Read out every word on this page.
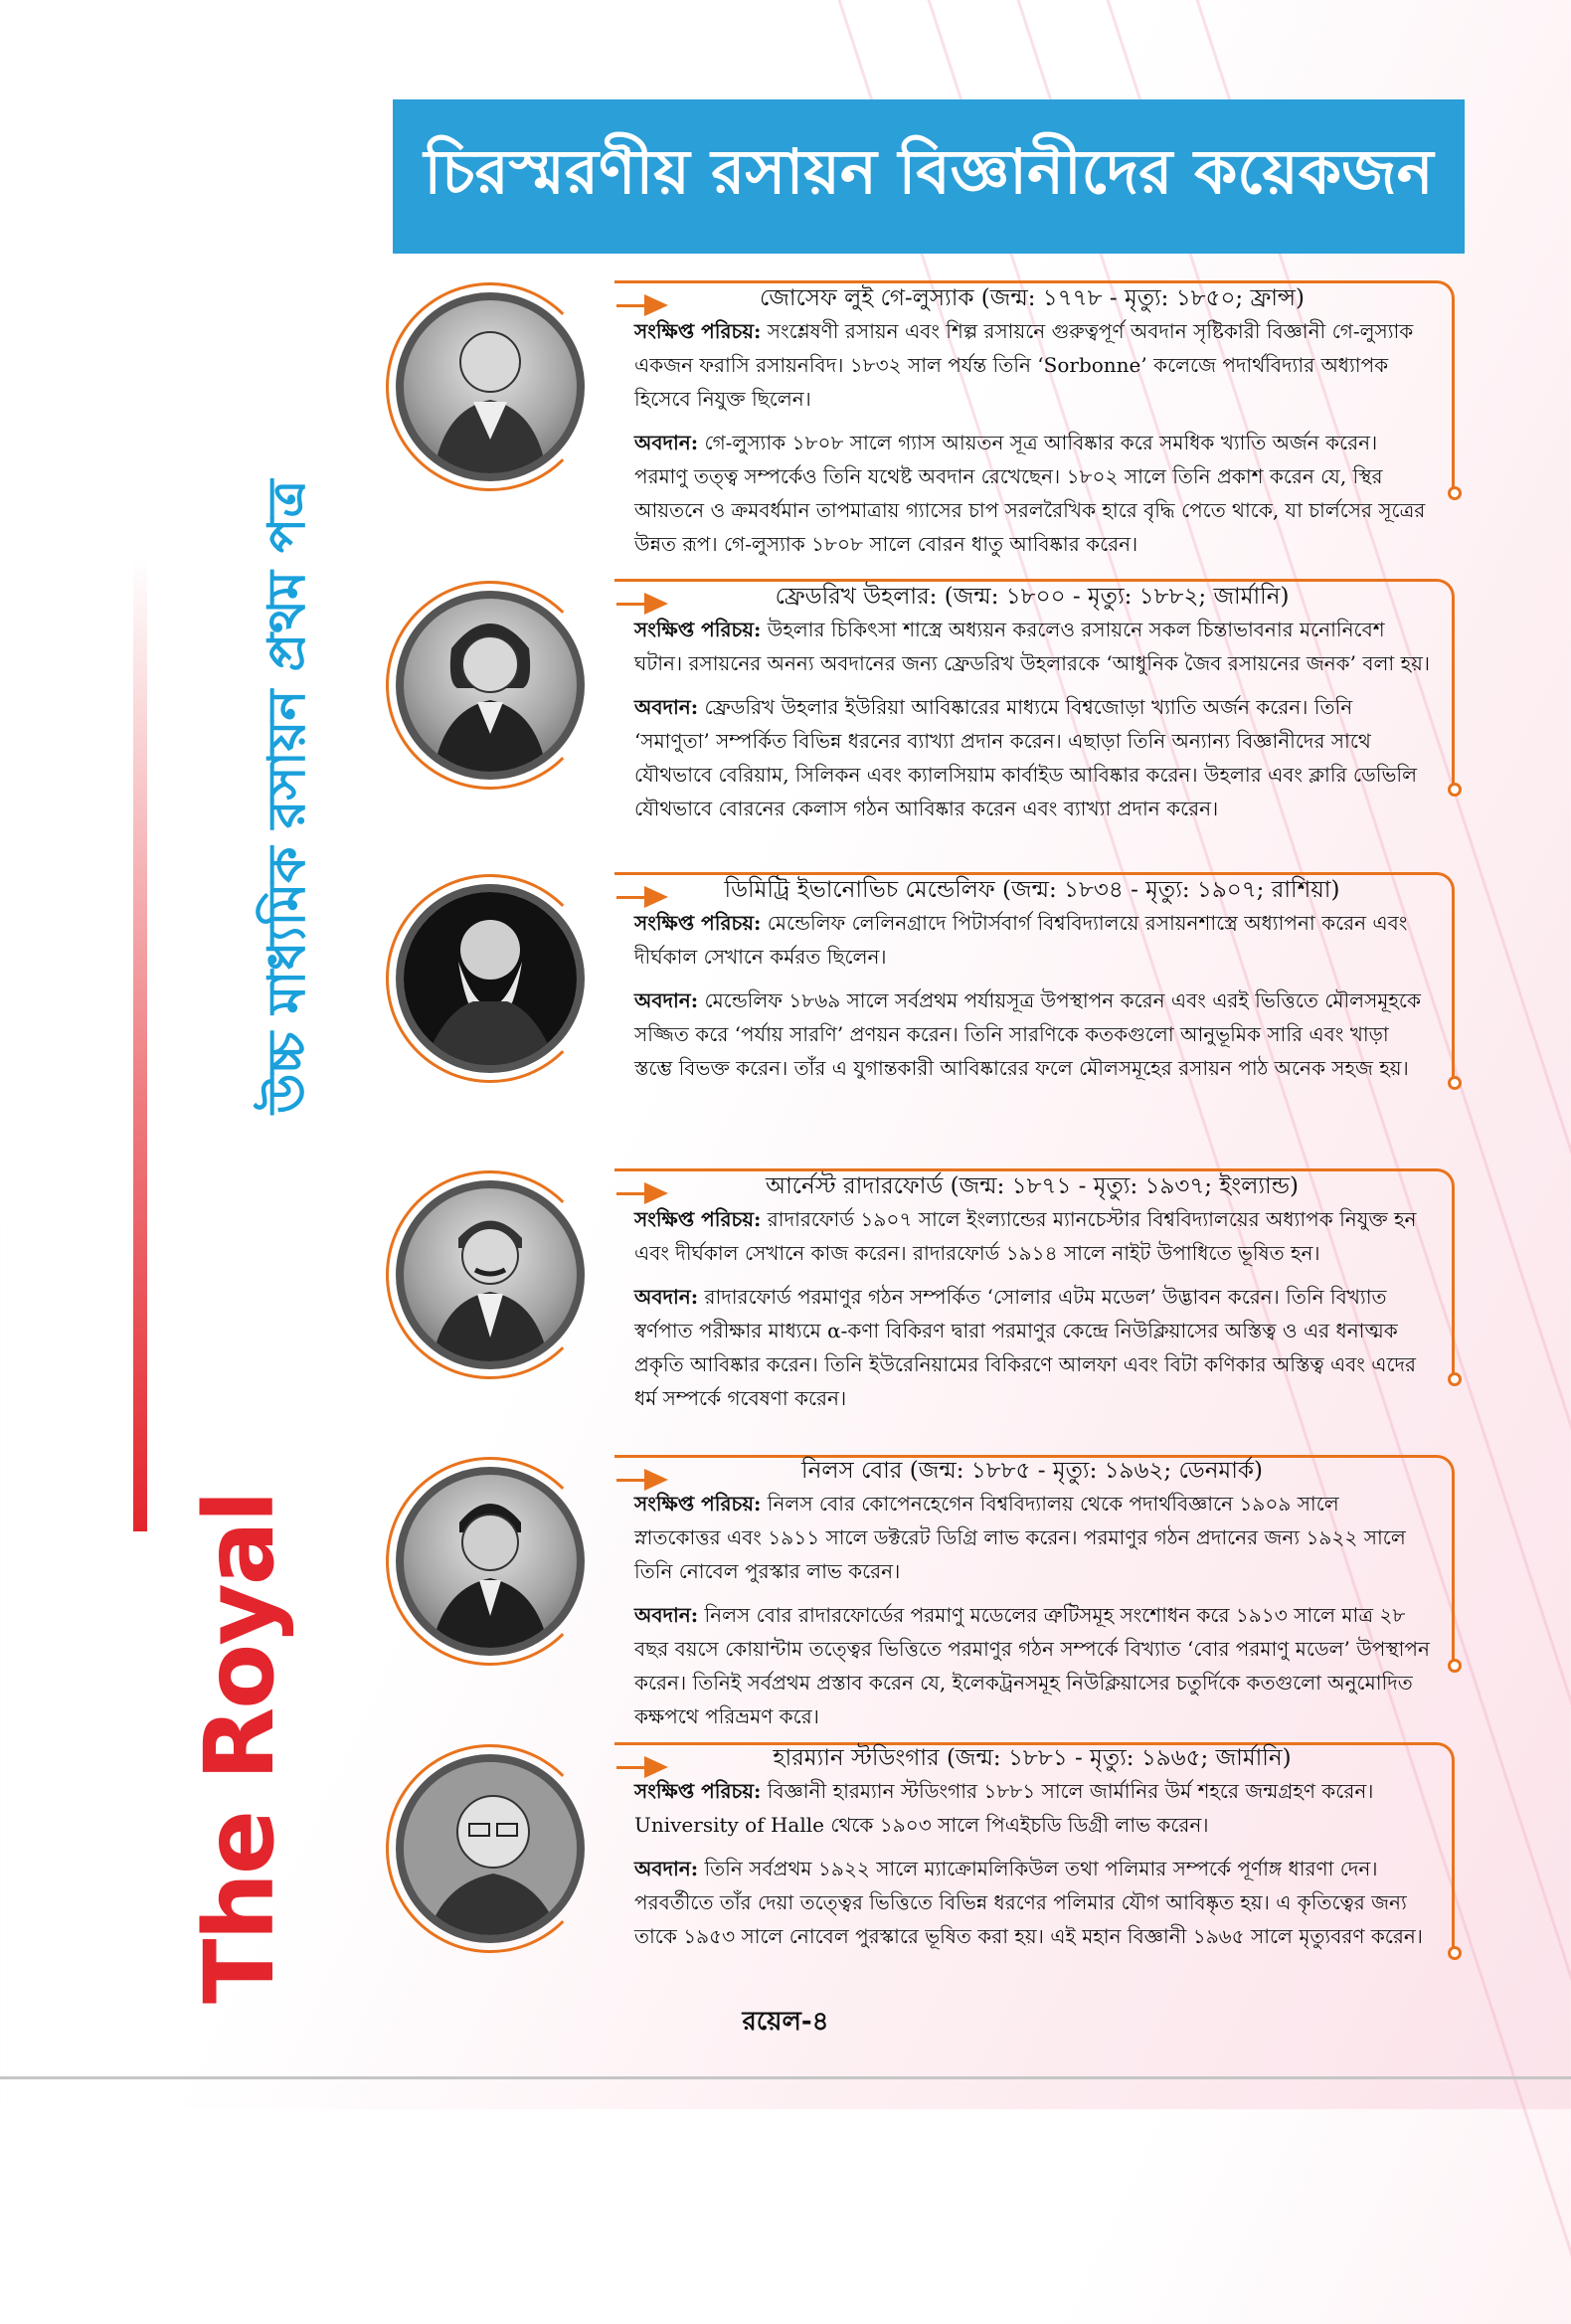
The Royal
উচ্চ মাধ্যমিক রসায়ন প্রথম পত্র
চিরস্মরণীয় রসায়ন বিজ্ঞানীদের কয়েকজন
জোসেফ লুই গে-লুস্যাক (জন্ম: ১৭৭৮ - মৃত্যু: ১৮৫০; ফ্রান্স)

সংক্ষিপ্ত পরিচয়: সংশ্লেষণী রসায়ন এবং শিল্প রসায়নে গুরুত্বপূর্ণ অবদান সৃষ্টিকারী বিজ্ঞানী গে-লুস্যাক একজন ফরাসি রসায়নবিদ। ১৮৩২ সাল পর্যন্ত তিনি ‘Sorbonne’ কলেজে পদার্থবিদ্যার অধ্যাপক হিসেবে নিযুক্ত ছিলেন।

অবদান: গে-লুস্যাক ১৮০৮ সালে গ্যাস আয়তন সূত্র আবিষ্কার করে সমধিক খ্যাতি অর্জন করেন। পরমাণু তত্ত্ব সম্পর্কেও তিনি যথেষ্ট অবদান রেখেছেন। ১৮০২ সালে তিনি প্রকাশ করেন যে, স্থির আয়তনে ও ক্রমবর্ধমান তাপমাত্রায় গ্যাসের চাপ সরলরৈখিক হারে বৃদ্ধি পেতে থাকে, যা চার্লসের সূত্রের উন্নত রূপ। গে-লুস্যাক ১৮০৮ সালে বোরন ধাতু আবিষ্কার করেন।

ফ্রেডরিখ উহলার: (জন্ম: ১৮০০ - মৃত্যু: ১৮৮২; জার্মানি)

সংক্ষিপ্ত পরিচয়: উহলার চিকিৎসা শাস্ত্রে অধ্যয়ন করলেও রসায়নে সকল চিন্তাভাবনার মনোনিবেশ ঘটান। রসায়নের অনন্য অবদানের জন্য ফ্রেডরিখ উহলারকে ‘আধুনিক জৈব রসায়নের জনক’ বলা হয়।

অবদান: ফ্রেডরিখ উহলার ইউরিয়া আবিষ্কারের মাধ্যমে বিশ্বজোড়া খ্যাতি অর্জন করেন। তিনি ‘সমাণুতা’ সম্পর্কিত বিভিন্ন ধরনের ব্যাখ্যা প্রদান করেন। এছাড়া তিনি অন্যান্য বিজ্ঞানীদের সাথে যৌথভাবে বেরিয়াম, সিলিকন এবং ক্যালসিয়াম কার্বাইড আবিষ্কার করেন। উহলার এবং ক্লারি ডেভিলি যৌথভাবে বোরনের কেলাস গঠন আবিষ্কার করেন এবং ব্যাখ্যা প্রদান করেন।

ডিমিট্রি ইভানোভিচ মেন্ডেলিফ (জন্ম: ১৮৩৪ - মৃত্যু: ১৯০৭; রাশিয়া)

সংক্ষিপ্ত পরিচয়: মেন্ডেলিফ লেলিনগ্রাদে পিটার্সবার্গ বিশ্ববিদ্যালয়ে রসায়নশাস্ত্রে অধ্যাপনা করেন এবং দীর্ঘকাল সেখানে কর্মরত ছিলেন।

অবদান: মেন্ডেলিফ ১৮৬৯ সালে সর্বপ্রথম পর্যায়সূত্র উপস্থাপন করেন এবং এরই ভিত্তিতে মৌলসমূহকে সজ্জিত করে ‘পর্যায় সারণি’ প্রণয়ন করেন। তিনি সারণিকে কতকগুলো আনুভূমিক সারি এবং খাড়া স্তম্ভে বিভক্ত করেন। তাঁর এ যুগান্তকারী আবিষ্কারের ফলে মৌলসমূহের রসায়ন পাঠ অনেক সহজ হয়।

আর্নেস্ট রাদারফোর্ড (জন্ম: ১৮৭১ - মৃত্যু: ১৯৩৭; ইংল্যান্ড)

সংক্ষিপ্ত পরিচয়: রাদারফোর্ড ১৯০৭ সালে ইংল্যান্ডের ম্যানচেস্টার বিশ্ববিদ্যালয়ের অধ্যাপক নিযুক্ত হন এবং দীর্ঘকাল সেখানে কাজ করেন। রাদারফোর্ড ১৯১৪ সালে নাইট উপাধিতে ভূষিত হন।

অবদান: রাদারফোর্ড পরমাণুর গঠন সম্পর্কিত ‘সোলার এটম মডেল’ উদ্ভাবন করেন। তিনি বিখ্যাত স্বর্ণপাত পরীক্ষার মাধ্যমে α-কণা বিকিরণ দ্বারা পরমাণুর কেন্দ্রে নিউক্লিয়াসের অস্তিত্ব ও এর ধনাত্মক প্রকৃতি আবিষ্কার করেন। তিনি ইউরেনিয়ামের বিকিরণে আলফা এবং বিটা কণিকার অস্তিত্ব এবং এদের ধর্ম সম্পর্কে গবেষণা করেন।

নিলস বোর (জন্ম: ১৮৮৫ - মৃত্যু: ১৯৬২; ডেনমার্ক)

সংক্ষিপ্ত পরিচয়: নিলস বোর কোপেনহেগেন বিশ্ববিদ্যালয় থেকে পদার্থবিজ্ঞানে ১৯০৯ সালে স্নাতকোত্তর এবং ১৯১১ সালে ডক্টরেট ডিগ্রি লাভ করেন। পরমাণুর গঠন প্রদানের জন্য ১৯২২ সালে তিনি নোবেল পুরস্কার লাভ করেন।

অবদান: নিলস বোর রাদারফোর্ডের পরমাণু মডেলের ত্রুটিসমূহ সংশোধন করে ১৯১৩ সালে মাত্র ২৮ বছর বয়সে কোয়ান্টাম তত্ত্বের ভিত্তিতে পরমাণুর গঠন সম্পর্কে বিখ্যাত ‘বোর পরমাণু মডেল’ উপস্থাপন করেন। তিনিই সর্বপ্রথম প্রস্তাব করেন যে, ইলেকট্রনসমূহ নিউক্লিয়াসের চতুর্দিকে কতগুলো অনুমোদিত কক্ষপথে পরিভ্রমণ করে।

হারম্যান স্টডিংগার (জন্ম: ১৮৮১ - মৃত্যু: ১৯৬৫; জার্মানি)

সংক্ষিপ্ত পরিচয়: বিজ্ঞানী হারম্যান স্টডিংগার ১৮৮১ সালে জার্মানির উর্ম শহরে জন্মগ্রহণ করেন। University of Halle থেকে ১৯০৩ সালে পিএইচডি ডিগ্রী লাভ করেন।

অবদান: তিনি সর্বপ্রথম ১৯২২ সালে ম্যাক্রোমলিকিউল তথা পলিমার সম্পর্কে পূর্ণাঙ্গ ধারণা দেন। পরবর্তীতে তাঁর দেয়া তত্ত্বের ভিত্তিতে বিভিন্ন ধরণের পলিমার যৌগ আবিষ্কৃত হয়। এ কৃতিত্বের জন্য তাকে ১৯৫৩ সালে নোবেল পুরস্কারে ভূষিত করা হয়। এই মহান বিজ্ঞানী ১৯৬৫ সালে মৃত্যুবরণ করেন।

রয়েল-৪
